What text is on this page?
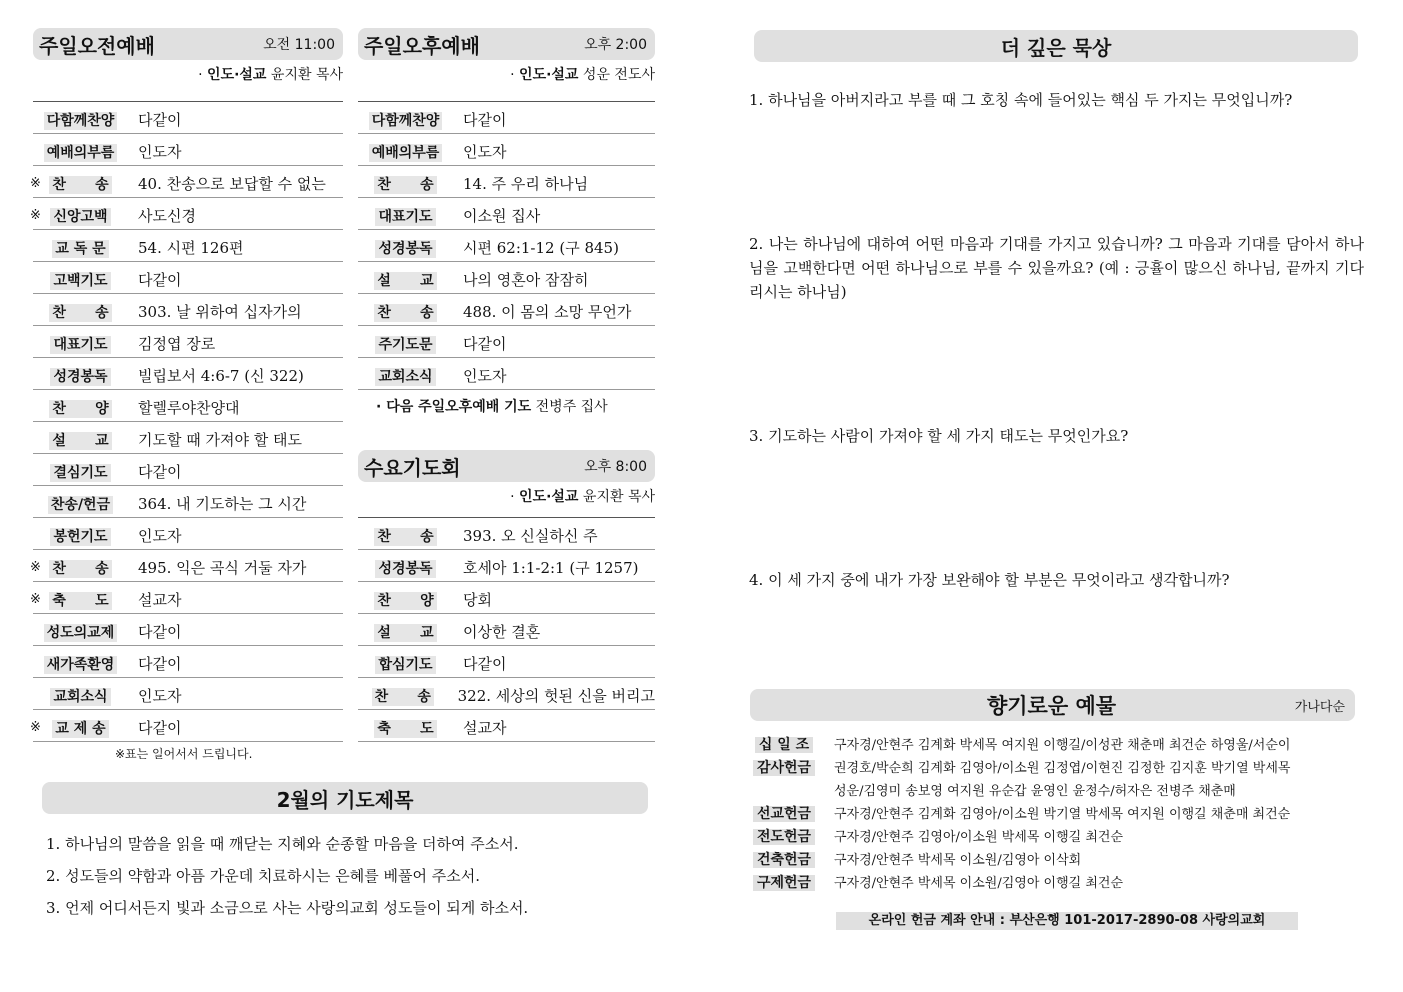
주일오전예배	오전 11:00
· 인도·설교 윤지환 목사
다함께찬양	다같이
예배의부름	인도자
※ 찬      송	40. 찬송으로 보답할 수 없는
※ 신앙고백	사도신경
교 독 문	54. 시편 126편
고백기도	다같이
찬      송	303. 날 위하여 십자가의
대표기도	김정엽 장로
성경봉독	빌립보서 4:6-7 (신 322)
찬      양	할렐루야찬양대
설      교	기도할 때 가져야 할 태도
결심기도	다같이
찬송/헌금	364. 내 기도하는 그 시간
봉헌기도	인도자
※ 찬      송	495. 익은 곡식 거둘 자가
※ 축      도	설교자
성도의교제	다같이
새가족환영	다같이
교회소식	인도자
※ 교 제 송	다같이
※표는 일어서서 드립니다.
주일오후예배	오후 2:00
· 인도·설교 성운 전도사
다함께찬양	다같이
예배의부름	인도자
찬      송	14. 주 우리 하나님
대표기도	이소원 집사
성경봉독	시편 62:1-12 (구 845)
설      교	나의 영혼아 잠잠히
찬      송	488. 이 몸의 소망 무언가
주기도문	다같이
교회소식	인도자
· 다음 주일오후예배 기도 전병주 집사
수요기도회	오후 8:00
· 인도·설교 윤지환 목사
찬      송	393. 오 신실하신 주
성경봉독	호세아 1:1-2:1 (구 1257)
찬      양	당회
설      교	이상한 결혼
합심기도	다같이
찬      송	322. 세상의 헛된 신을 버리고
축      도	설교자
2월의 기도제목
1. 하나님의 말씀을 읽을 때 깨닫는 지혜와 순종할 마음을 더하여 주소서.
2. 성도들의 약함과 아픔 가운데 치료하시는 은혜를 베풀어 주소서.
3. 언제 어디서든지 빛과 소금으로 사는 사랑의교회 성도들이 되게 하소서.
더 깊은 묵상
1. 하나님을 아버지라고 부를 때 그 호칭 속에 들어있는 핵심 두 가지는 무엇입니까?
2. 나는 하나님에 대하여 어떤 마음과 기대를 가지고 있습니까? 그 마음과 기대를 담아서 하나님을 고백한다면 어떤 하나님으로 부를 수 있을까요? (예 : 긍휼이 많으신 하나님, 끝까지 기다리시는 하나님)
3. 기도하는 사람이 가져야 할 세 가지 태도는 무엇인가요?
4. 이 세 가지 중에 내가 가장 보완해야 할 부분은 무엇이라고 생각합니까?
향기로운 예물	가나다순
십 일 조	구자경/안현주 김계화 박세목 여지원 이행길/이성관 채춘매 최건순 하영울/서순이
감사헌금	권경호/박순희 김계화 김영아/이소원 김정엽/이현진 김정한 김지훈 박기열 박세목
성운/김영미 송보영 여지원 유순갑 윤영인 윤정수/허자은 전병주 채춘매
선교헌금	구자경/안현주 김계화 김영아/이소원 박기열 박세목 여지원 이행길 채춘매 최건순
전도헌금	구자경/안현주 김영아/이소원 박세목 이행길 최건순
건축헌금	구자경/안현주 박세목 이소원/김영아 이삭회
구제헌금	구자경/안현주 박세목 이소원/김영아 이행길 최건순
온라인 헌금 계좌 안내 : 부산은행 101-2017-2890-08 사랑의교회
